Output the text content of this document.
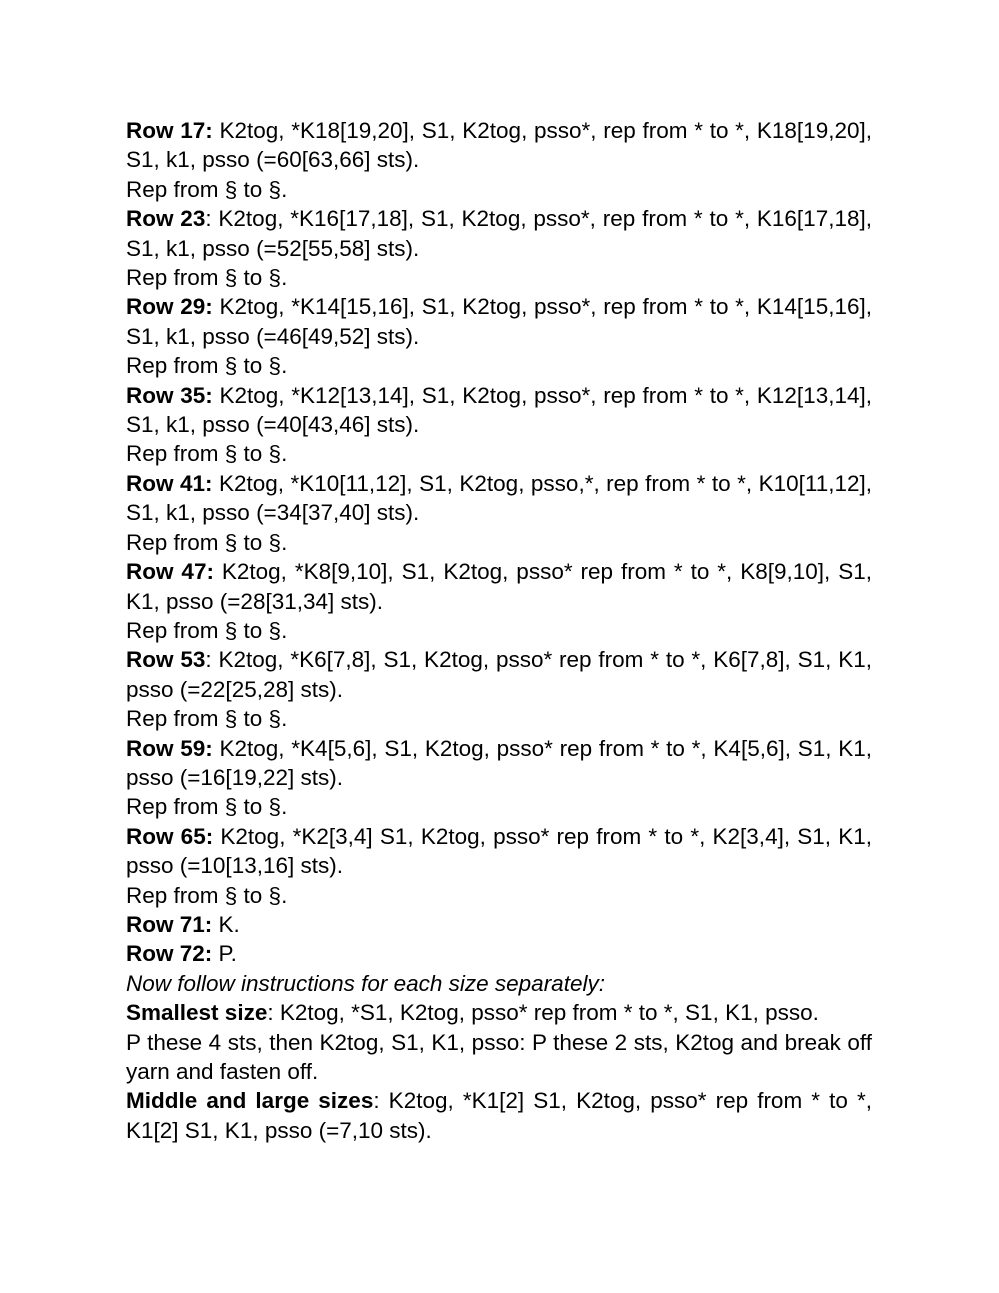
Row 17: K2tog, *K18[19,20], S1, K2tog, psso*, rep from * to *, K18[19,20], S1, k1, psso (=60[63,66] sts).

Rep from § to §.

Row 23: K2tog, *K16[17,18], S1, K2tog, psso*, rep from * to *, K16[17,18], S1, k1, psso (=52[55,58] sts).

Rep from § to §.

Row 29: K2tog, *K14[15,16], S1, K2tog, psso*, rep from * to *, K14[15,16], S1, k1, psso (=46[49,52] sts).

Rep from § to §.

Row 35: K2tog, *K12[13,14], S1, K2tog, psso*, rep from * to *, K12[13,14], S1, k1, psso (=40[43,46] sts).

Rep from § to §.

Row 41: K2tog, *K10[11,12], S1, K2tog, psso,*, rep from * to *, K10[11,12], S1, k1, psso (=34[37,40] sts).

Rep from § to §.

Row 47: K2tog, *K8[9,10], S1, K2tog, psso* rep from * to *, K8[9,10], S1, K1, psso (=28[31,34] sts).

Rep from § to §.

Row 53: K2tog, *K6[7,8], S1, K2tog, psso* rep from * to *, K6[7,8], S1, K1, psso (=22[25,28] sts).

Rep from § to §.

Row 59: K2tog, *K4[5,6], S1, K2tog, psso* rep from * to *, K4[5,6], S1, K1, psso (=16[19,22] sts).

Rep from § to §.

Row 65: K2tog, *K2[3,4] S1, K2tog, psso* rep from * to *, K2[3,4], S1, K1, psso (=10[13,16] sts).

Rep from § to §.

Row 71: K.

Row 72: P.

Now follow instructions for each size separately:

Smallest size: K2tog, *S1, K2tog, psso* rep from * to *, S1, K1, psso.

P these 4 sts, then K2tog, S1, K1, psso: P these 2 sts, K2tog and break off yarn and fasten off.

Middle and large sizes: K2tog, *K1[2] S1, K2tog, psso* rep from * to *, K1[2] S1, K1, psso (=7,10 sts).
